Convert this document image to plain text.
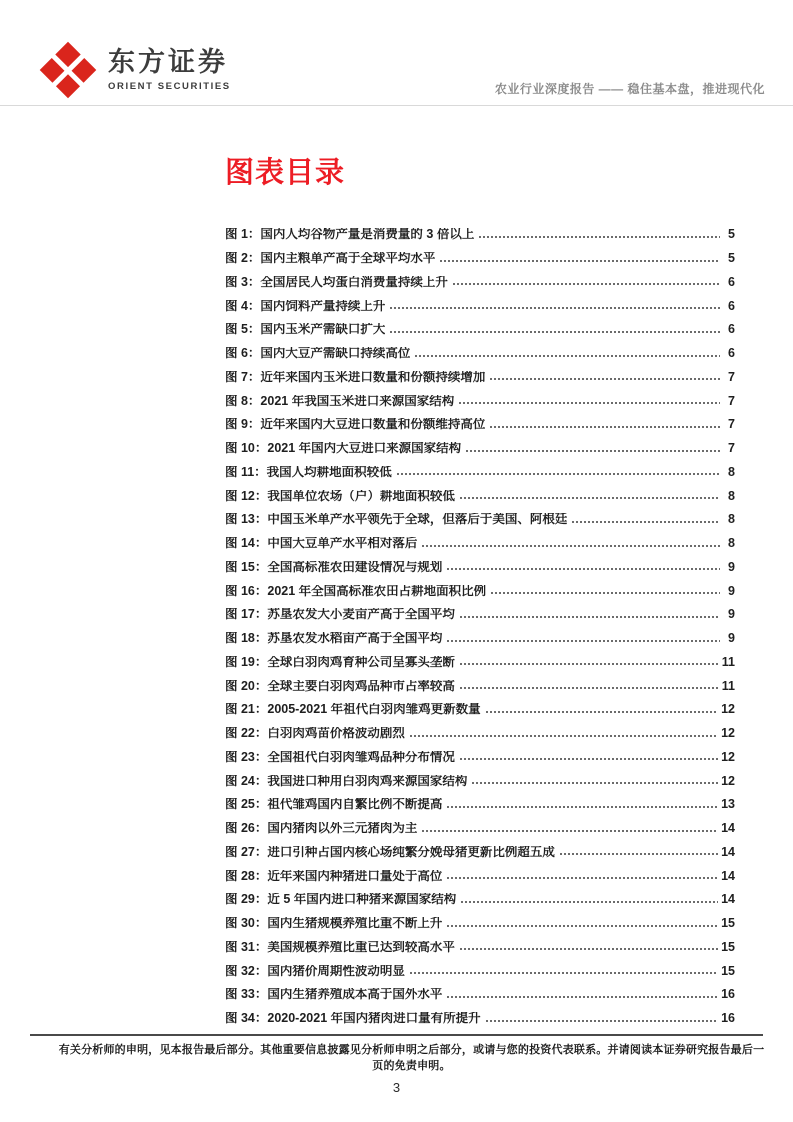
东方证券
ORIENT SECURITIES	农业行业深度报告 —— 稳住基本盘，推进现代化
图表目录
图 1：国内人均谷物产量是消费量的 3 倍以上	5
图 2：国内主粮单产高于全球平均水平	5
图 3：全国居民人均蛋白消费量持续上升	6
图 4：国内饲料产量持续上升	6
图 5：国内玉米产需缺口扩大	6
图 6：国内大豆产需缺口持续高位	6
图 7：近年来国内玉米进口数量和份额持续增加	7
图 8：2021 年我国玉米进口来源国家结构	7
图 9：近年来国内大豆进口数量和份额维持高位	7
图 10：2021 年国内大豆进口来源国家结构	7
图 11：我国人均耕地面积较低	8
图 12：我国单位农场（户）耕地面积较低	8
图 13：中国玉米单产水平领先于全球，但落后于美国、阿根廷	8
图 14：中国大豆单产水平相对落后	8
图 15：全国高标准农田建设情况与规划	9
图 16：2021 年全国高标准农田占耕地面积比例	9
图 17：苏垦农发大小麦亩产高于全国平均	9
图 18：苏垦农发水稻亩产高于全国平均	9
图 19：全球白羽肉鸡育种公司呈寡头垄断	11
图 20：全球主要白羽肉鸡品种市占率较高	11
图 21：2005-2021 年祖代白羽肉雏鸡更新数量	12
图 22：白羽肉鸡苗价格波动剧烈	12
图 23：全国祖代白羽肉雏鸡品种分布情况	12
图 24：我国进口种用白羽肉鸡来源国家结构	12
图 25：祖代雏鸡国内自繁比例不断提高	13
图 26：国内猪肉以外三元猪肉为主	14
图 27：进口引种占国内核心场纯繁分娩母猪更新比例超五成	14
图 28：近年来国内种猪进口量处于高位	14
图 29：近 5 年国内进口种猪来源国家结构	14
图 30：国内生猪规模养殖比重不断上升	15
图 31：美国规模养殖比重已达到较高水平	15
图 32：国内猪价周期性波动明显	15
图 33：国内生猪养殖成本高于国外水平	16
图 34：2020-2021 年国内猪肉进口量有所提升	16
有关分析师的申明，见本报告最后部分。其他重要信息披露见分析师申明之后部分，或请与您的投资代表联系。并请阅读本证券研究报告最后一页的免责申明。
3
